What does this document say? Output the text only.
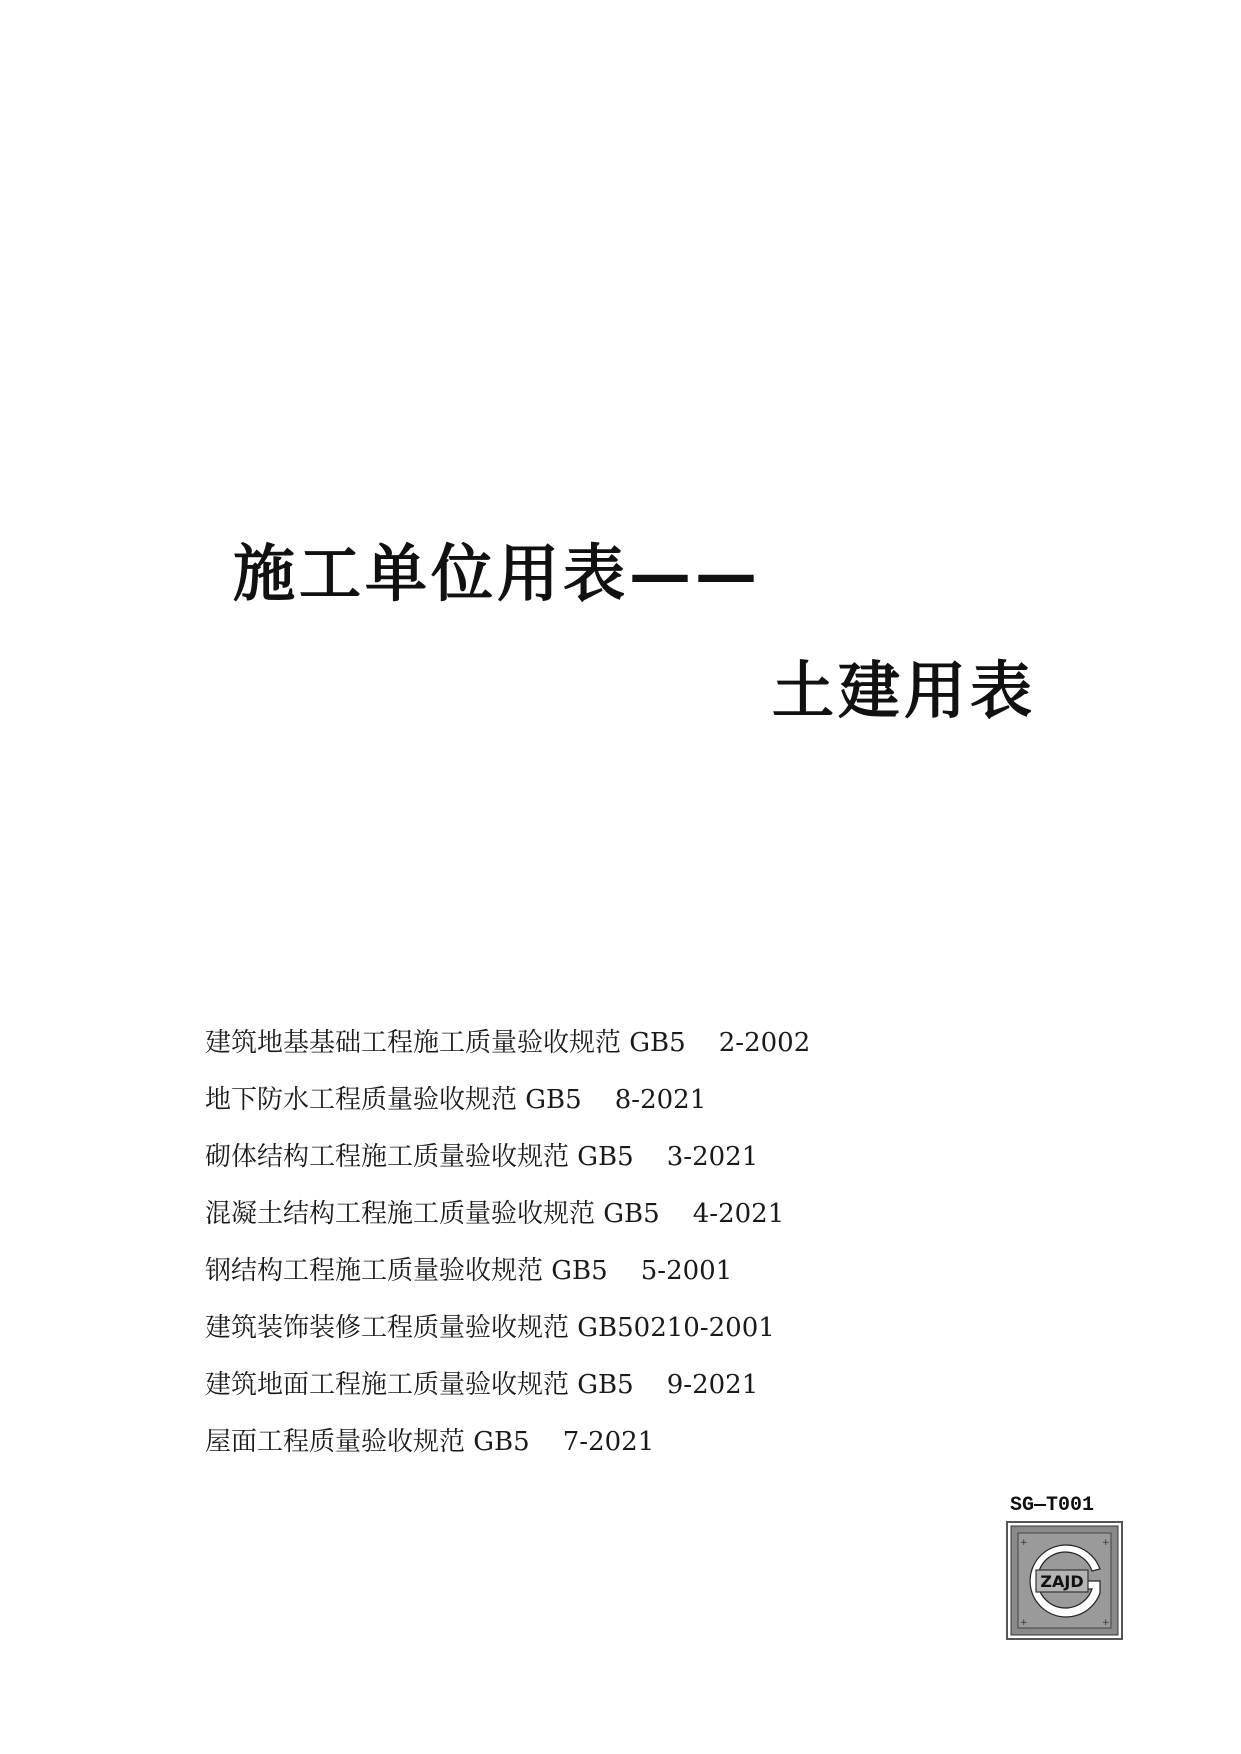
施工单位用表——
土建用表
建筑地基基础工程施工质量验收规范 GB5    2-2002
地下防水工程质量验收规范 GB5    8-2021
砌体结构工程施工质量验收规范 GB5    3-2021
混凝土结构工程施工质量验收规范 GB5    4-2021
钢结构工程施工质量验收规范 GB5    5-2001
建筑装饰装修工程质量验收规范 GB50210-2001
建筑地面工程施工质量验收规范 GB5    9-2021
屋面工程质量验收规范 GB5    7-2021
SG—T001
+	+
+	+
ZAJD
